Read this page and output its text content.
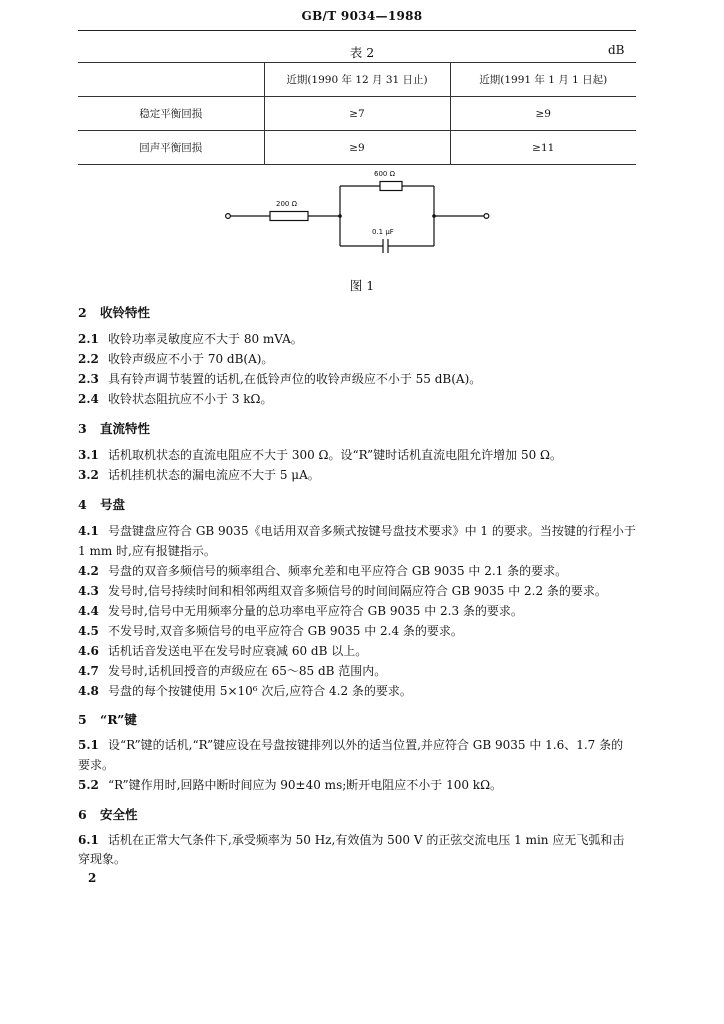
GB/T 9034—1988
表 2	dB
	近期(1990 年 12 月 31 日止)	近期(1991 年 1 月 1 日起)
稳定平衡回损	≥7	≥9
回声平衡回损	≥9	≥11
600 Ω
200 Ω
0.1 μF
图 1
2 收铃特性
2.1 收铃功率灵敏度应不大于 80 mVA。
2.2 收铃声级应不小于 70 dB(A)。
2.3 具有铃声调节装置的话机,在低铃声位的收铃声级应不小于 55 dB(A)。
2.4 收铃状态阻抗应不小于 3 kΩ。
3 直流特性
3.1 话机取机状态的直流电阻应不大于 300 Ω。设“R”键时话机直流电阻允许增加 50 Ω。
3.2 话机挂机状态的漏电流应不大于 5 μA。
4 号盘
4.1 号盘键盘应符合 GB 9035《电话用双音多频式按键号盘技术要求》中 1 的要求。当按键的行程小于
1 mm 时,应有报键指示。
4.2 号盘的双音多频信号的频率组合、频率允差和电平应符合 GB 9035 中 2.1 条的要求。
4.3 发号时,信号持续时间和相邻两组双音多频信号的时间间隔应符合 GB 9035 中 2.2 条的要求。
4.4 发号时,信号中无用频率分量的总功率电平应符合 GB 9035 中 2.3 条的要求。
4.5 不发号时,双音多频信号的电平应符合 GB 9035 中 2.4 条的要求。
4.6 话机话音发送电平在发号时应衰减 60 dB 以上。
4.7 发号时,话机回授音的声级应在 65～85 dB 范围内。
4.8 号盘的每个按键使用 5×10⁶ 次后,应符合 4.2 条的要求。
5 “R”键
5.1 设“R”键的话机,“R”键应设在号盘按键排列以外的适当位置,并应符合 GB 9035 中 1.6、1.7 条的
要求。
5.2 “R”键作用时,回路中断时间应为 90±40 ms;断开电阻应不小于 100 kΩ。
6 安全性
6.1 话机在正常大气条件下,承受频率为 50 Hz,有效值为 500 V 的正弦交流电压 1 min 应无飞弧和击
穿现象。
2
